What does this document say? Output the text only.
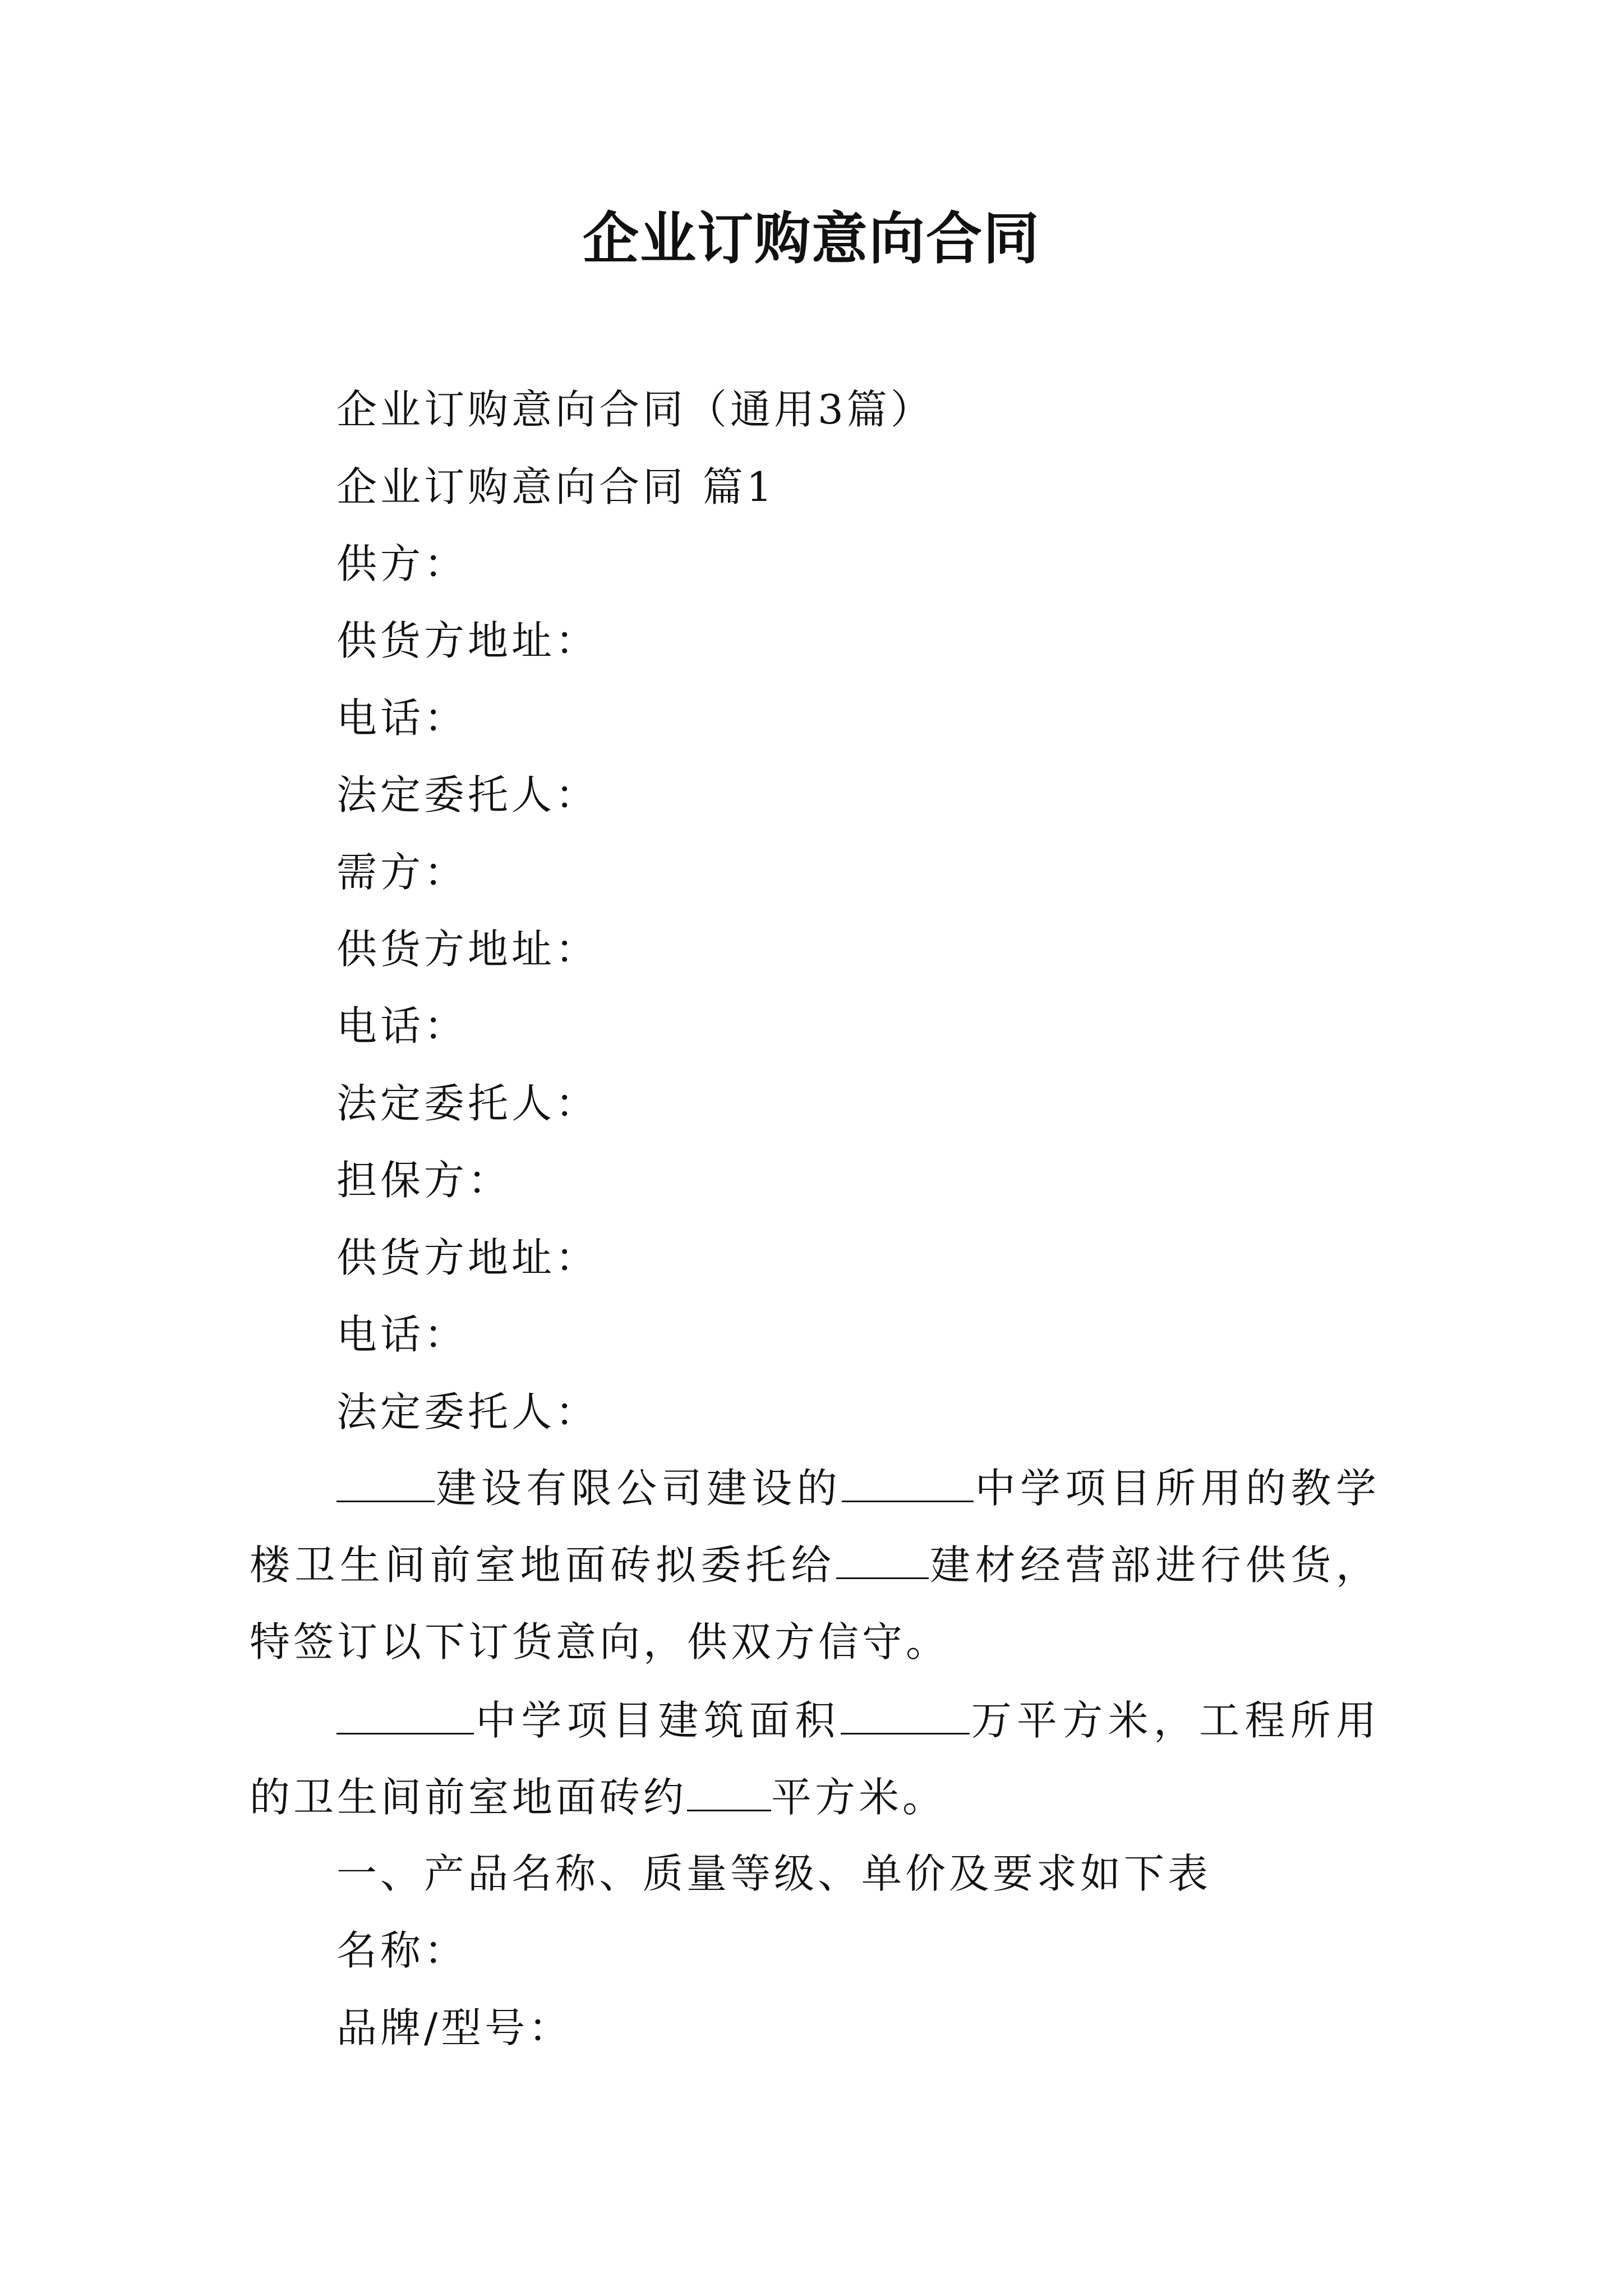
企业订购意向合同
企业订购意向合同（通用3篇）
企业订购意向合同 篇1
供方：
供货方地址：
电话：
法定委托人：
需方：
供货方地址：
电话：
法定委托人：
担保方：
供货方地址：
电话：
法定委托人：
建设有限公司建设的	中学项目所用的教学楼卫生间前室地面砖拟委托给 建材经营部进行供货，特签订以下订货意向，供双方信守。
中学项目建筑面积	万平方米，工程所用的卫生间前室地面砖约 平方米。
一、产品名称、质量等级、单价及要求如下表
名称：
品牌/型号：
